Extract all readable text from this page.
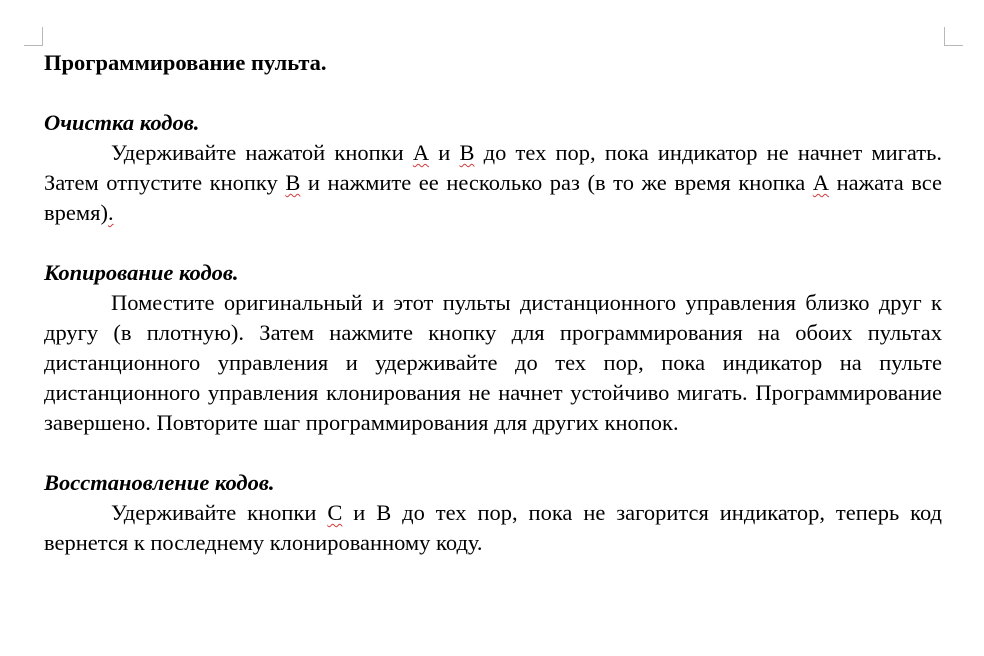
Программирование пульта.

Очистка кодов.

Удерживайте нажатой кнопки А и В до тех пор, пока индикатор не начнет мигать. Затем отпустите кнопку В и нажмите ее несколько раз (в то же время кнопка А нажата все время).

Копирование кодов.

Поместите оригинальный и этот пульты дистанционного управления близко друг к другу (в плотную). Затем нажмите кнопку для программирования на обоих пультах дистанционного управления и удерживайте до тех пор, пока индикатор на пульте дистанционного управления клонирования не начнет устойчиво мигать. Программирование завершено. Повторите шаг программирования для других кнопок.

Восстановление кодов.

Удерживайте кнопки С и В до тех пор, пока не загорится индикатор, теперь код вернется к последнему клонированному коду.
